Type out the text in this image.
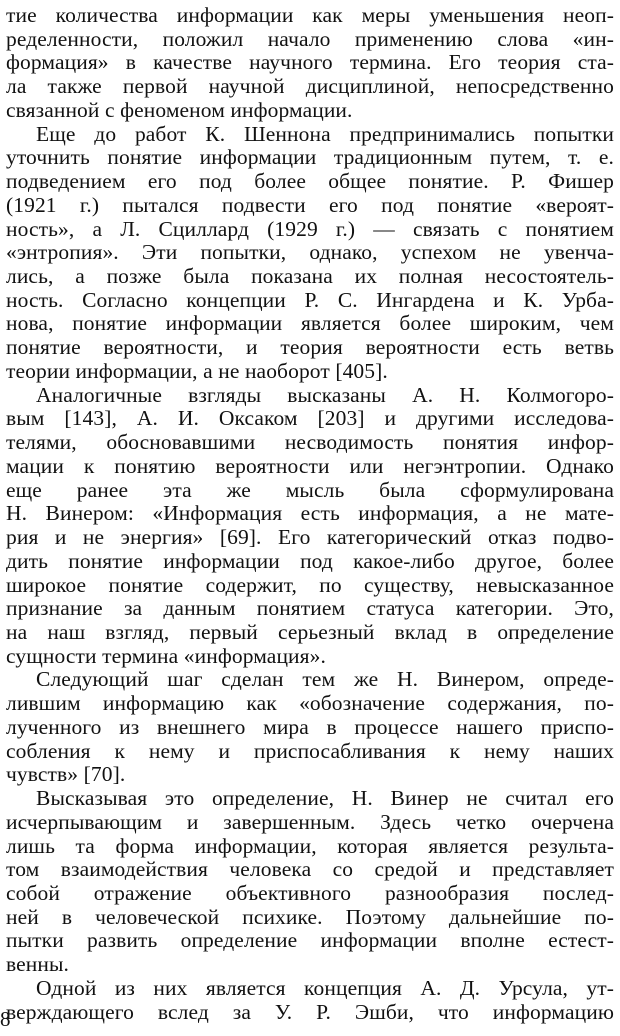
тие количества информации как меры уменьшения неоп-
ределенности, положил начало применению слова «ин-
формация» в качестве научного термина. Его теория ста-
ла также первой научной дисциплиной, непосредственно
связанной с феноменом информации.
Еще до работ К. Шеннона предпринимались попытки
уточнить понятие информации традиционным путем, т. е.
подведением его под более общее понятие. Р. Фишер
(1921 г.) пытался подвести его под понятие «вероят-
ность», а Л. Сциллард (1929 г.) — связать с понятием
«энтропия». Эти попытки, однако, успехом не увенча-
лись, а позже была показана их полная несостоятель-
ность. Согласно концепции Р. С. Ингардена и К. Урба-
нова, понятие информации является более широким, чем
понятие вероятности, и теория вероятности есть ветвь
теории информации, а не наоборот [405].
Аналогичные взгляды высказаны А. Н. Колмогоро-
вым [143], А. И. Оксаком [203] и другими исследова-
телями, обосновавшими несводимость понятия инфор-
мации к понятию вероятности или негэнтропии. Однако
еще ранее эта же мысль была сформулирована
Н. Винером: «Информация есть информация, а не мате-
рия и не энергия» [69]. Его категорический отказ подво-
дить понятие информации под какое-либо другое, более
широкое понятие содержит, по существу, невысказанное
признание за данным понятием статуса категории. Это,
на наш взгляд, первый серьезный вклад в определение
сущности термина «информация».
Следующий шаг сделан тем же Н. Винером, опреде-
лившим информацию как «обозначение содержания, по-
лученного из внешнего мира в процессе нашего приспо-
собления к нему и приспосабливания к нему наших
чувств» [70].
Высказывая это определение, Н. Винер не считал его
исчерпывающим и завершенным. Здесь четко очерчена
лишь та форма информации, которая является результа-
том взаимодействия человека со средой и представляет
собой отражение объективного разнообразия послед-
ней в человеческой психике. Поэтому дальнейшие по-
пытки развить определение информации вполне естест-
венны.
Одной из них является концепция А. Д. Урсула, ут-
верждающего вслед за У. Р. Эшби, что информацию
8
